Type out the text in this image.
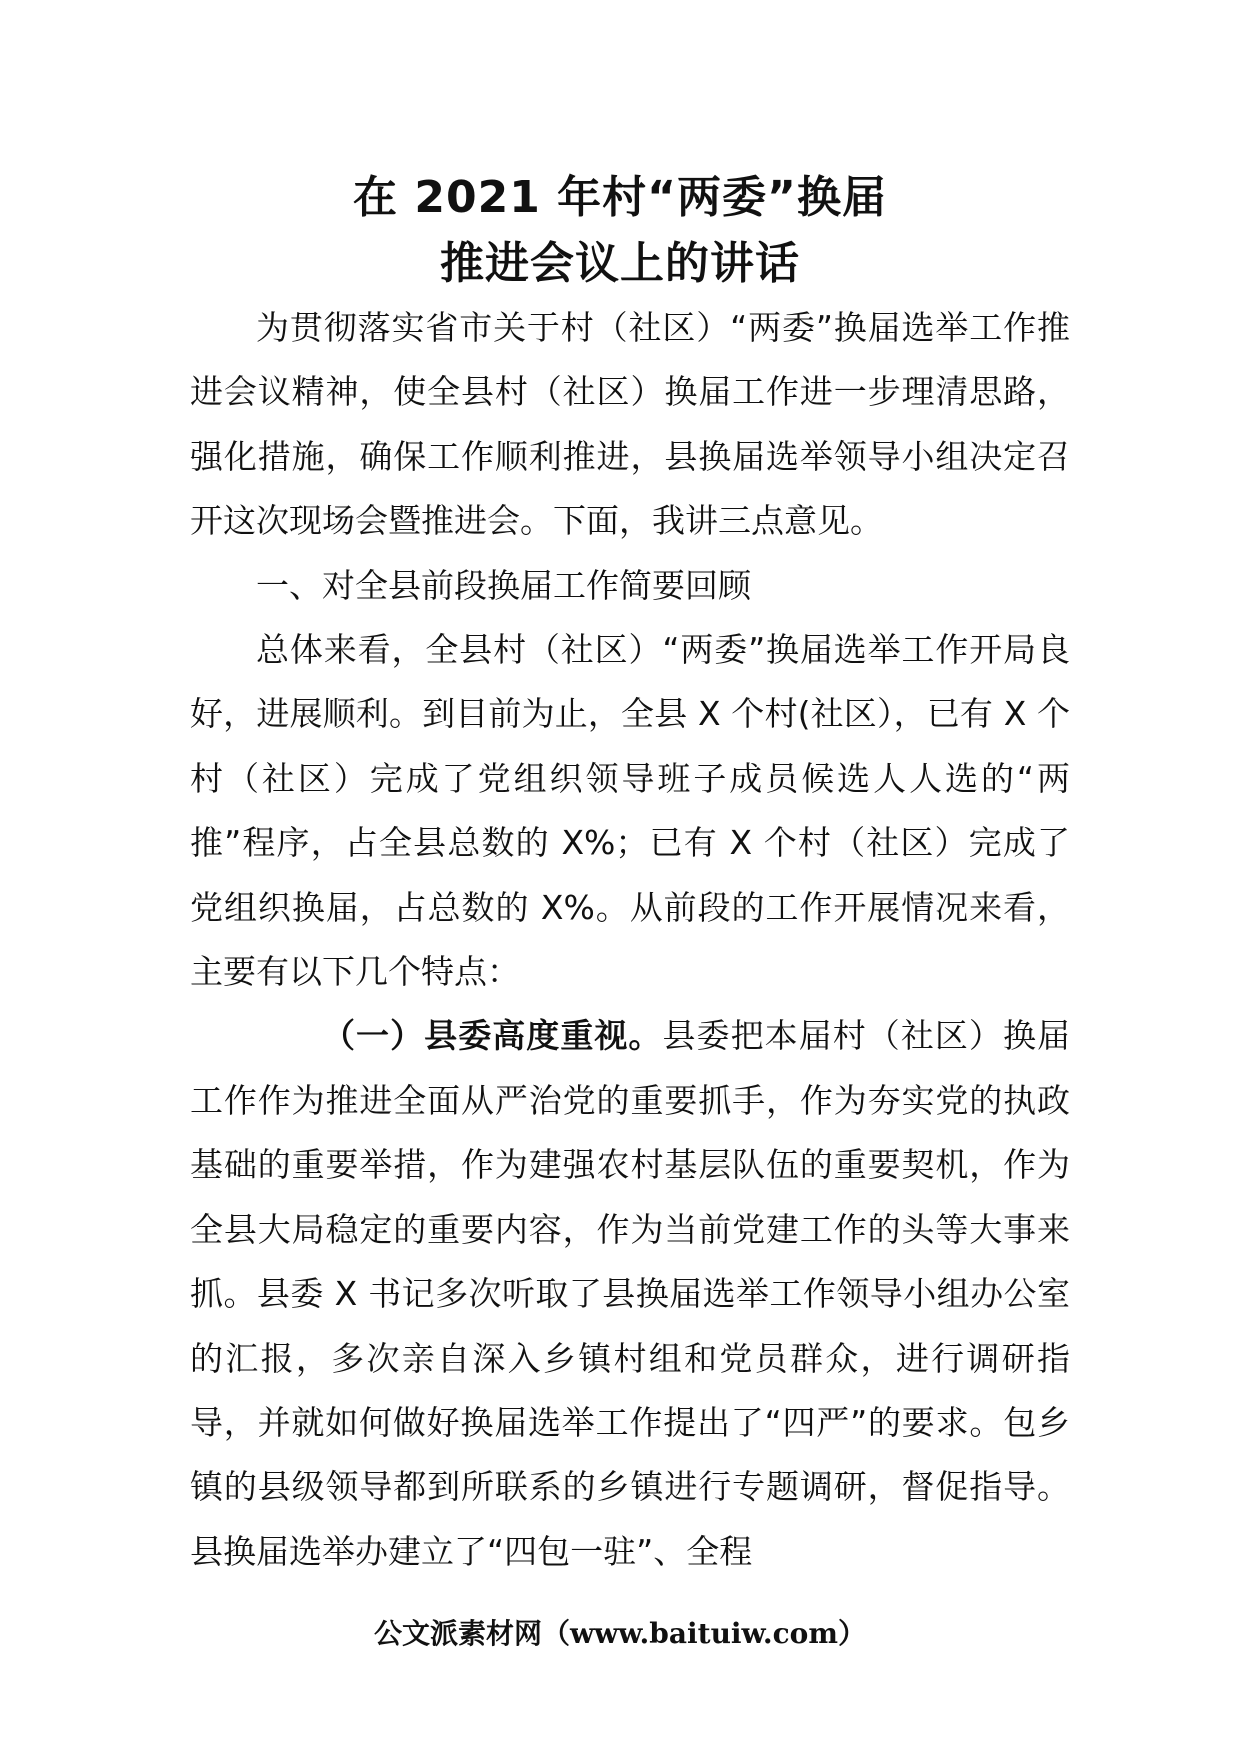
在 2021 年村“两委”换届
推进会议上的讲话

为贯彻落实省市关于村（社区）“两委”换届选举工作推进会议精神，使全县村（社区）换届工作进一步理清思路，强化措施，确保工作顺利推进，县换届选举领导小组决定召开这次现场会暨推进会。下面，我讲三点意见。

一、对全县前段换届工作简要回顾

总体来看，全县村（社区）“两委”换届选举工作开局良好，进展顺利。到目前为止，全县 X 个村(社区），已有 X 个村（社区）完成了党组织领导班子成员候选人人选的“两推”程序，占全县总数的 X%；已有 X 个村（社区）完成了党组织换届，占总数的 X%。从前段的工作开展情况来看，主要有以下几个特点：

（一）县委高度重视。县委把本届村（社区）换届工作作为推进全面从严治党的重要抓手，作为夯实党的执政基础的重要举措，作为建强农村基层队伍的重要契机，作为全县大局稳定的重要内容，作为当前党建工作的头等大事来抓。县委 X 书记多次听取了县换届选举工作领导小组办公室的汇报，多次亲自深入乡镇村组和党员群众，进行调研指导，并就如何做好换届选举工作提出了“四严”的要求。包乡镇的县级领导都到所联系的乡镇进行专题调研，督促指导。县换届选举办建立了“四包一驻”、全程

公文派素材网（www.baituiw.com）
